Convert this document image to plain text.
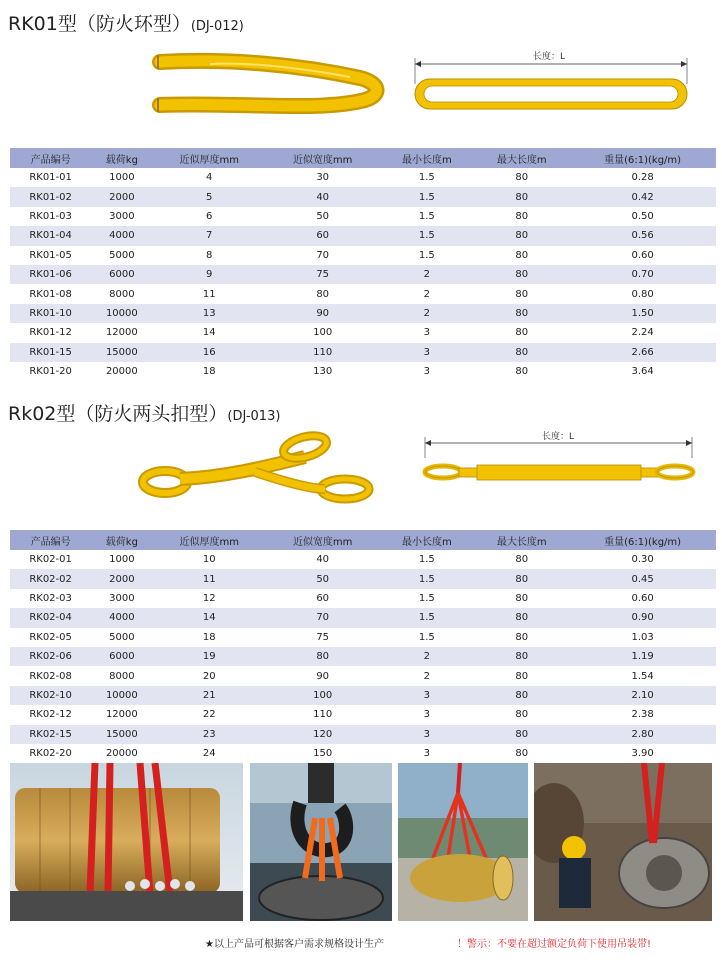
RK01型（防火环型）(DJ-012)
长度：L
产品编号	载荷kg	近似厚度mm	近似宽度mm	最小长度m	最大长度m	重量(6:1)(kg/m)
RK01-01	1000	4	30	1.5	80	0.28
RK01-02	2000	5	40	1.5	80	0.42
RK01-03	3000	6	50	1.5	80	0.50
RK01-04	4000	7	60	1.5	80	0.56
RK01-05	5000	8	70	1.5	80	0.60
RK01-06	6000	9	75	2	80	0.70
RK01-08	8000	11	80	2	80	0.80
RK01-10	10000	13	90	2	80	1.50
RK01-12	12000	14	100	3	80	2.24
RK01-15	15000	16	110	3	80	2.66
RK01-20	20000	18	130	3	80	3.64
Rk02型（防火两头扣型）(DJ-013)
长度：L
产品编号	载荷kg	近似厚度mm	近似宽度mm	最小长度m	最大长度m	重量(6:1)(kg/m)
RK02-01	1000	10	40	1.5	80	0.30
RK02-02	2000	11	50	1.5	80	0.45
RK02-03	3000	12	60	1.5	80	0.60
RK02-04	4000	14	70	1.5	80	0.90
RK02-05	5000	18	75	1.5	80	1.03
RK02-06	6000	19	80	2	80	1.19
RK02-08	8000	20	90	2	80	1.54
RK02-10	10000	21	100	3	80	2.10
RK02-12	12000	22	110	3	80	2.38
RK02-15	15000	23	120	3	80	2.80
RK02-20	20000	24	150	3	80	3.90
★以上产品可根据客户需求规格设计生产	！警示：不要在超过额定负荷下使用吊装带!
